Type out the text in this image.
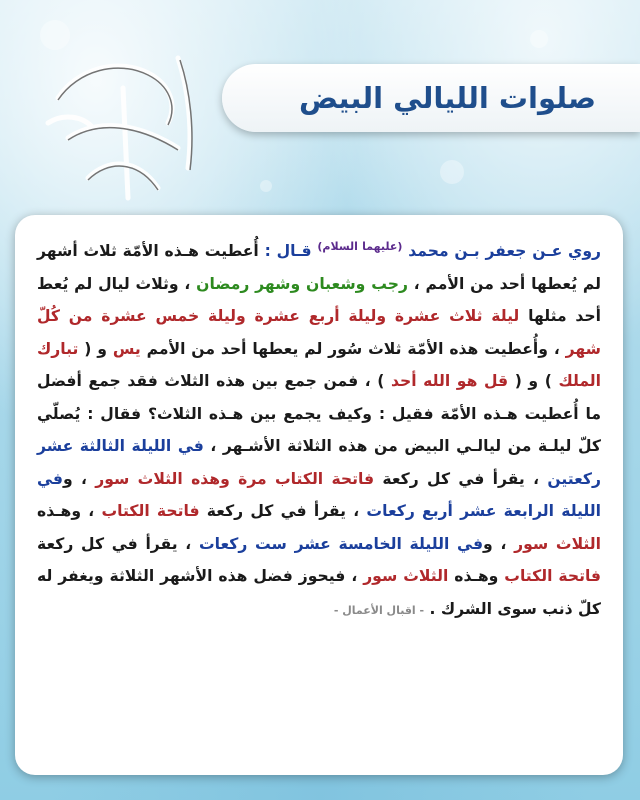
صلوات الليالي البيض
روي عـن جعفر بـن محمد $^{(عليهما السلام)}$ قـال : أُعطيت هـذه الأمّة ثلاث أشهر لم يُعطها أحد من الأمم ، رجب وشعبان وشهر رمضان ، وثلاث ليال لم يُعط أحد مثلها ليلة ثلاث عشرة وليلة أربع عشرة وليلة خمس عشرة من كُلّ شهر ، وأُعطيت هذه الأمّة ثلاث سُور لم يعطها أحد من الأمم يس و ( تبارك الملك ) و ( قل هو الله أحد ) ، فمن جمع بين هذه الثلاث فقد جمع أفضل ما أُعطيت هـذه الأمّة فقيل : وكيف يجمع بين هـذه الثلاث؟ فقال : يُصلّي كلّ ليلـة من ليالـي البيض من هذه الثلاثة الأشـهر ، في الليلة الثالثة عشر ركعتين ، يقرأ في كل ركعة فاتحة الكتاب مرة وهذه الثلاث سور ، وفي الليلة الرابعة عشر أربع ركعات ، يقرأ في كل ركعة فاتحة الكتاب ، وهـذه الثلاث سور ، وفي الليلة الخامسة عشر ست ركعات ، يقرأ في كل ركعة فاتحة الكتاب وهـذه الثلاث سور ، فيحوز فضل هذه الأشهر الثلاثة ويغفر له كلّ ذنب سوى الشرك . - اقبال الأعمال -
